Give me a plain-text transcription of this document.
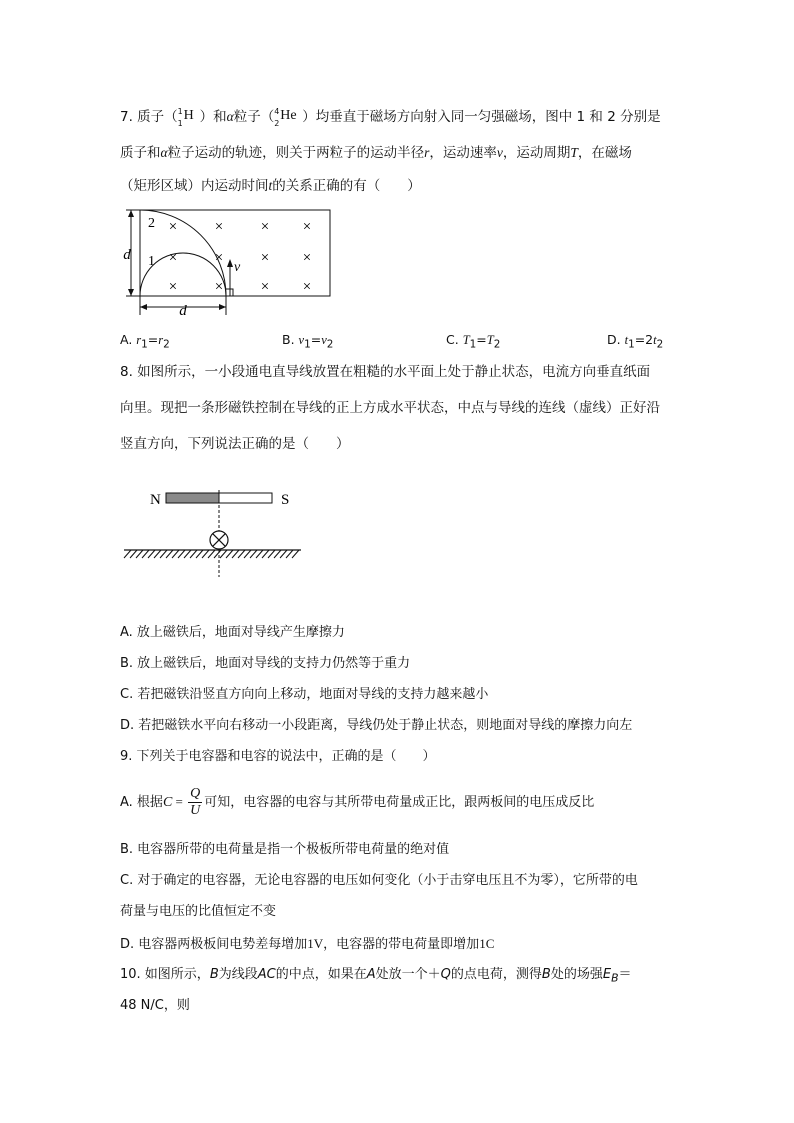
7. 质子（ 1
1
H ）和α粒子（ 4
2
He ）均垂直于磁场方向射入同一匀强磁场，图中 1 和 2 分别是
质子和α粒子运动的轨迹，则关于两粒子的运动半径r，运动速率v，运动周期T，在磁场
（矩形区域）内运动时间t的关系正确的有（　　）
d
d
2
1	v
×	×	× ×
×	×	× ×
×	×	× ×
A. $r_1=r_2$	B. $v_1=v_2$	C. $T_1=T_2$	D. $t_1=2t_2$
8. 如图所示，一小段通电直导线放置在粗糙的水平面上处于静止状态，电流方向垂直纸面
向里。现把一条形磁铁控制在导线的正上方成水平状态，中点与导线的连线（虚线）正好沿
竖直方向，下列说法正确的是（　　）
N	S
A. 放上磁铁后，地面对导线产生摩擦力
B. 放上磁铁后，地面对导线的支持力仍然等于重力
C. 若把磁铁沿竖直方向向上移动，地面对导线的支持力越来越小
D. 若把磁铁水平向右移动一小段距离，导线仍处于静止状态，则地面对导线的摩擦力向左
9. 下列关于电容器和电容的说法中，正确的是（　　）
A. 根据$C = \frac{Q}{U}$ 可知，电容器的电容与其所带电荷量成正比，跟两板间的电压成反比
B. 电容器所带的电荷量是指一个极板所带电荷量的绝对值
C. 对于确定的电容器，无论电容器的电压如何变化（小于击穿电压且不为零），它所带的电
荷量与电压的比值恒定不变
D. 电容器两极板间电势差每增加1V，电容器的带电荷量即增加1C
10. 如图所示，B为线段AC的中点，如果在A处放一个＋Q的点电荷，测得B处的场强$E_B=$
48 N/C，则
